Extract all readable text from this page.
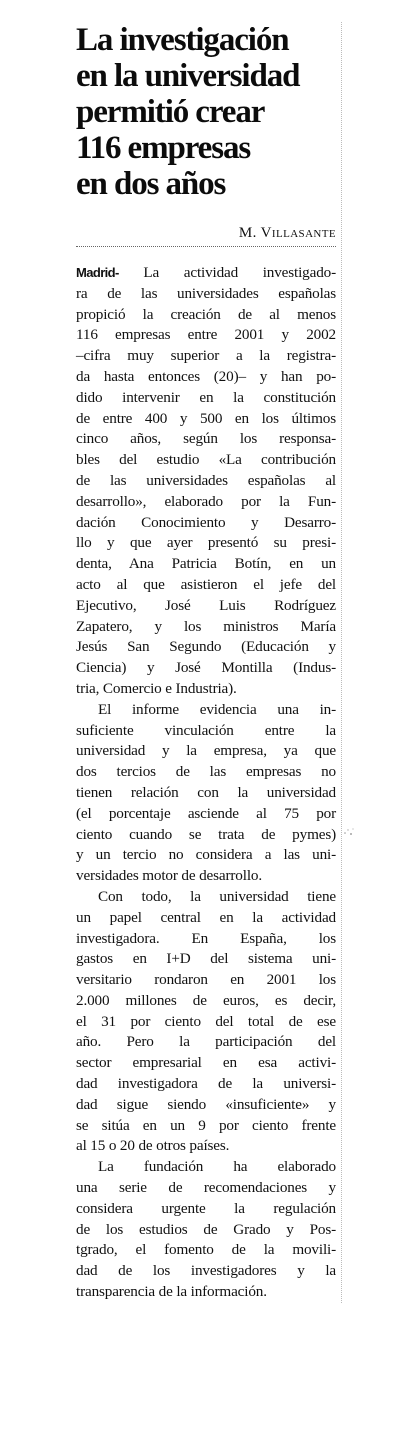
La investigación
en la universidad
permitió crear
116 empresas
en dos años
M. Villasante

Madrid- La actividad investigado-
ra de las universidades españolas
propició la creación de al menos
116 empresas entre 2001 y 2002
–cifra muy superior a la registra-
da hasta entonces (20)– y han po-
dido intervenir en la constitución
de entre 400 y 500 en los últimos
cinco años, según los responsa-
bles del estudio «La contribución
de las universidades españolas al
desarrollo», elaborado por la Fun-
dación Conocimiento y Desarro-
llo y que ayer presentó su presi-
denta, Ana Patricia Botín, en un
acto al que asistieron el jefe del
Ejecutivo, José Luis Rodríguez
Zapatero, y los ministros María
Jesús San Segundo (Educación y
Ciencia) y José Montilla (Indus-
tria, Comercio e Industria).

El informe evidencia una in-
suficiente vinculación entre la
universidad y la empresa, ya que
dos tercios de las empresas no
tienen relación con la universidad
(el porcentaje asciende al 75 por
ciento cuando se trata de pymes)
y un tercio no considera a las uni-
versidades motor de desarrollo.

Con todo, la universidad tiene
un papel central en la actividad
investigadora. En España, los
gastos en I+D del sistema uni-
versitario rondaron en 2001 los
2.000 millones de euros, es decir,
el 31 por ciento del total de ese
año. Pero la participación del
sector empresarial en esa activi-
dad investigadora de la universi-
dad sigue siendo «insuficiente» y
se sitúa en un 9 por ciento frente
al 15 o 20 de otros países.

La fundación ha elaborado
una serie de recomendaciones y
considera urgente la regulación
de los estudios de Grado y Pos-
tgrado, el fomento de la movili-
dad de los investigadores y la
transparencia de la información.
